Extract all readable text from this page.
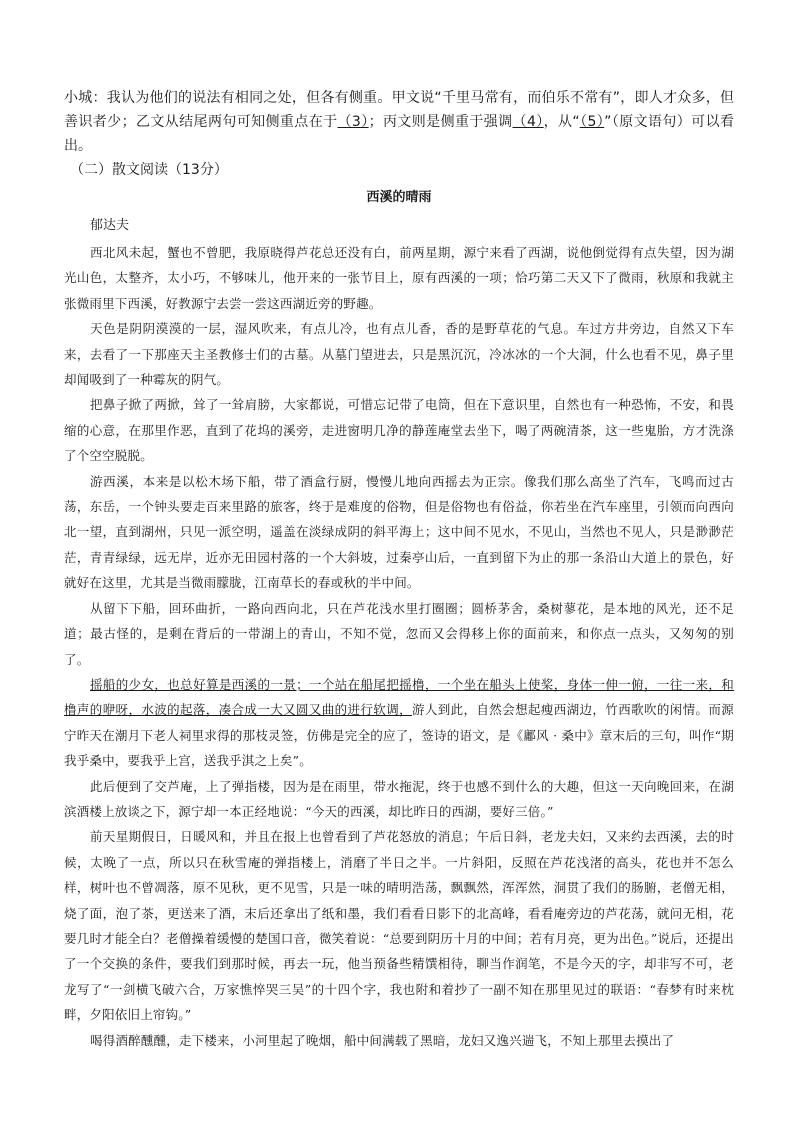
小城：我认为他们的说法有相同之处，但各有侧重。甲文说“千里马常有，而伯乐不常有”，即人才众多，但善识者少；乙文从结尾两句可知侧重点在于（3）；丙文则是侧重于强调（4），从“（5）”（原文语句）可以看出。

（二）散文阅读（13分）

西溪的晴雨

郁达夫

西北风未起，蟹也不曾肥，我原晓得芦花总还没有白，前两星期，源宁来看了西湖，说他倒觉得有点失望，因为湖光山色，太整齐，太小巧，不够味儿，他开来的一张节目上，原有西溪的一项；恰巧第二天又下了微雨，秋原和我就主张微雨里下西溪，好教源宁去尝一尝这西湖近旁的野趣。

天色是阴阴漠漠的一层，湿风吹来，有点儿冷，也有点儿香，香的是野草花的气息。车过方井旁边，自然又下车来，去看了一下那座天主圣教修士们的古墓。从墓门望进去，只是黑沉沉，冷冰冰的一个大洞，什么也看不见，鼻子里却闻吸到了一种霉灰的阴气。

把鼻子掀了两掀，耸了一耸肩膀，大家都说，可惜忘记带了电筒，但在下意识里，自然也有一种恐怖，不安，和畏缩的心意，在那里作恶，直到了花坞的溪旁，走进窗明几净的静莲庵堂去坐下，喝了两碗清茶，这一些鬼胎，方才洗涤了个空空脱脱。

游西溪，本来是以松木场下船，带了酒盒行厨，慢慢儿地向西摇去为正宗。像我们那么高坐了汽车，飞鸣而过古荡，东岳，一个钟头要走百来里路的旅客，终于是难度的俗物，但是俗物也有俗益，你若坐在汽车座里，引领而向西向北一望，直到湖州，只见一派空明，遥盖在淡绿成阴的斜平海上；这中间不见水，不见山，当然也不见人，只是渺渺茫茫，青青绿绿，远无岸，近亦无田园村落的一个大斜坡，过秦亭山后，一直到留下为止的那一条沿山大道上的景色，好就好在这里，尤其是当微雨朦胧，江南草长的春或秋的半中间。

从留下下船，回环曲折，一路向西向北，只在芦花浅水里打圈圈；圆桥茅舍，桑树蓼花，是本地的风光，还不足道；最古怪的，是剩在背后的一带湖上的青山，不知不觉，忽而又会得移上你的面前来，和你点一点头，又匆匆的别了。

摇船的少女，也总好算是西溪的一景；一个站在船尾把摇橹，一个坐在船头上使桨，身体一伸一俯，一往一来，和橹声的咿呀，水波的起落，凑合成一大又圆又曲的进行软调，游人到此，自然会想起瘦西湖边，竹西歌吹的闲情。而源宁昨天在潮月下老人祠里求得的那枝灵签，仿佛是完全的应了，签诗的语文，是《鄘风 · 桑中》章末后的三句，叫作“期我乎桑中，要我乎上宫，送我乎淇之上矣”。

此后便到了交芦庵，上了弹指楼，因为是在雨里，带水拖泥，终于也感不到什么的大趣，但这一天向晚回来，在湖滨酒楼上放谈之下，源宁却一本正经地说：“今天的西溪，却比昨日的西湖，要好三倍。”

前天星期假日，日暖风和，并且在报上也曾看到了芦花怒放的消息；午后日斜，老龙夫妇，又来约去西溪，去的时候，太晚了一点，所以只在秋雪庵的弹指楼上，消磨了半日之半。一片斜阳，反照在芦花浅渚的高头，花也并不怎么样，树叶也不曾凋落，原不见秋，更不见雪，只是一味的晴明浩荡，飘飘然，浑浑然，洞贯了我们的肠腑，老僧无相，烧了面，泡了茶，更送来了酒，末后还拿出了纸和墨，我们看看日影下的北高峰，看看庵旁边的芦花荡，就问无相，花要几时才能全白？老僧操着缓慢的楚国口音，微笑着说：“总要到阴历十月的中间；若有月亮，更为出色。”说后，还提出了一个交换的条件，要我们到那时候，再去一玩，他当预备些精馔相待，聊当作润笔，不是今天的字，却非写不可，老龙写了“一剑横飞破六合，万家憔悴哭三吴”的十四个字，我也附和着抄了一副不知在那里见过的联语：“春梦有时来枕畔，夕阳依旧上帘钩。”

喝得酒醉醺醺，走下楼来，小河里起了晚烟，船中间满载了黑暗，龙妇又逸兴遄飞，不知上那里去摸出了
